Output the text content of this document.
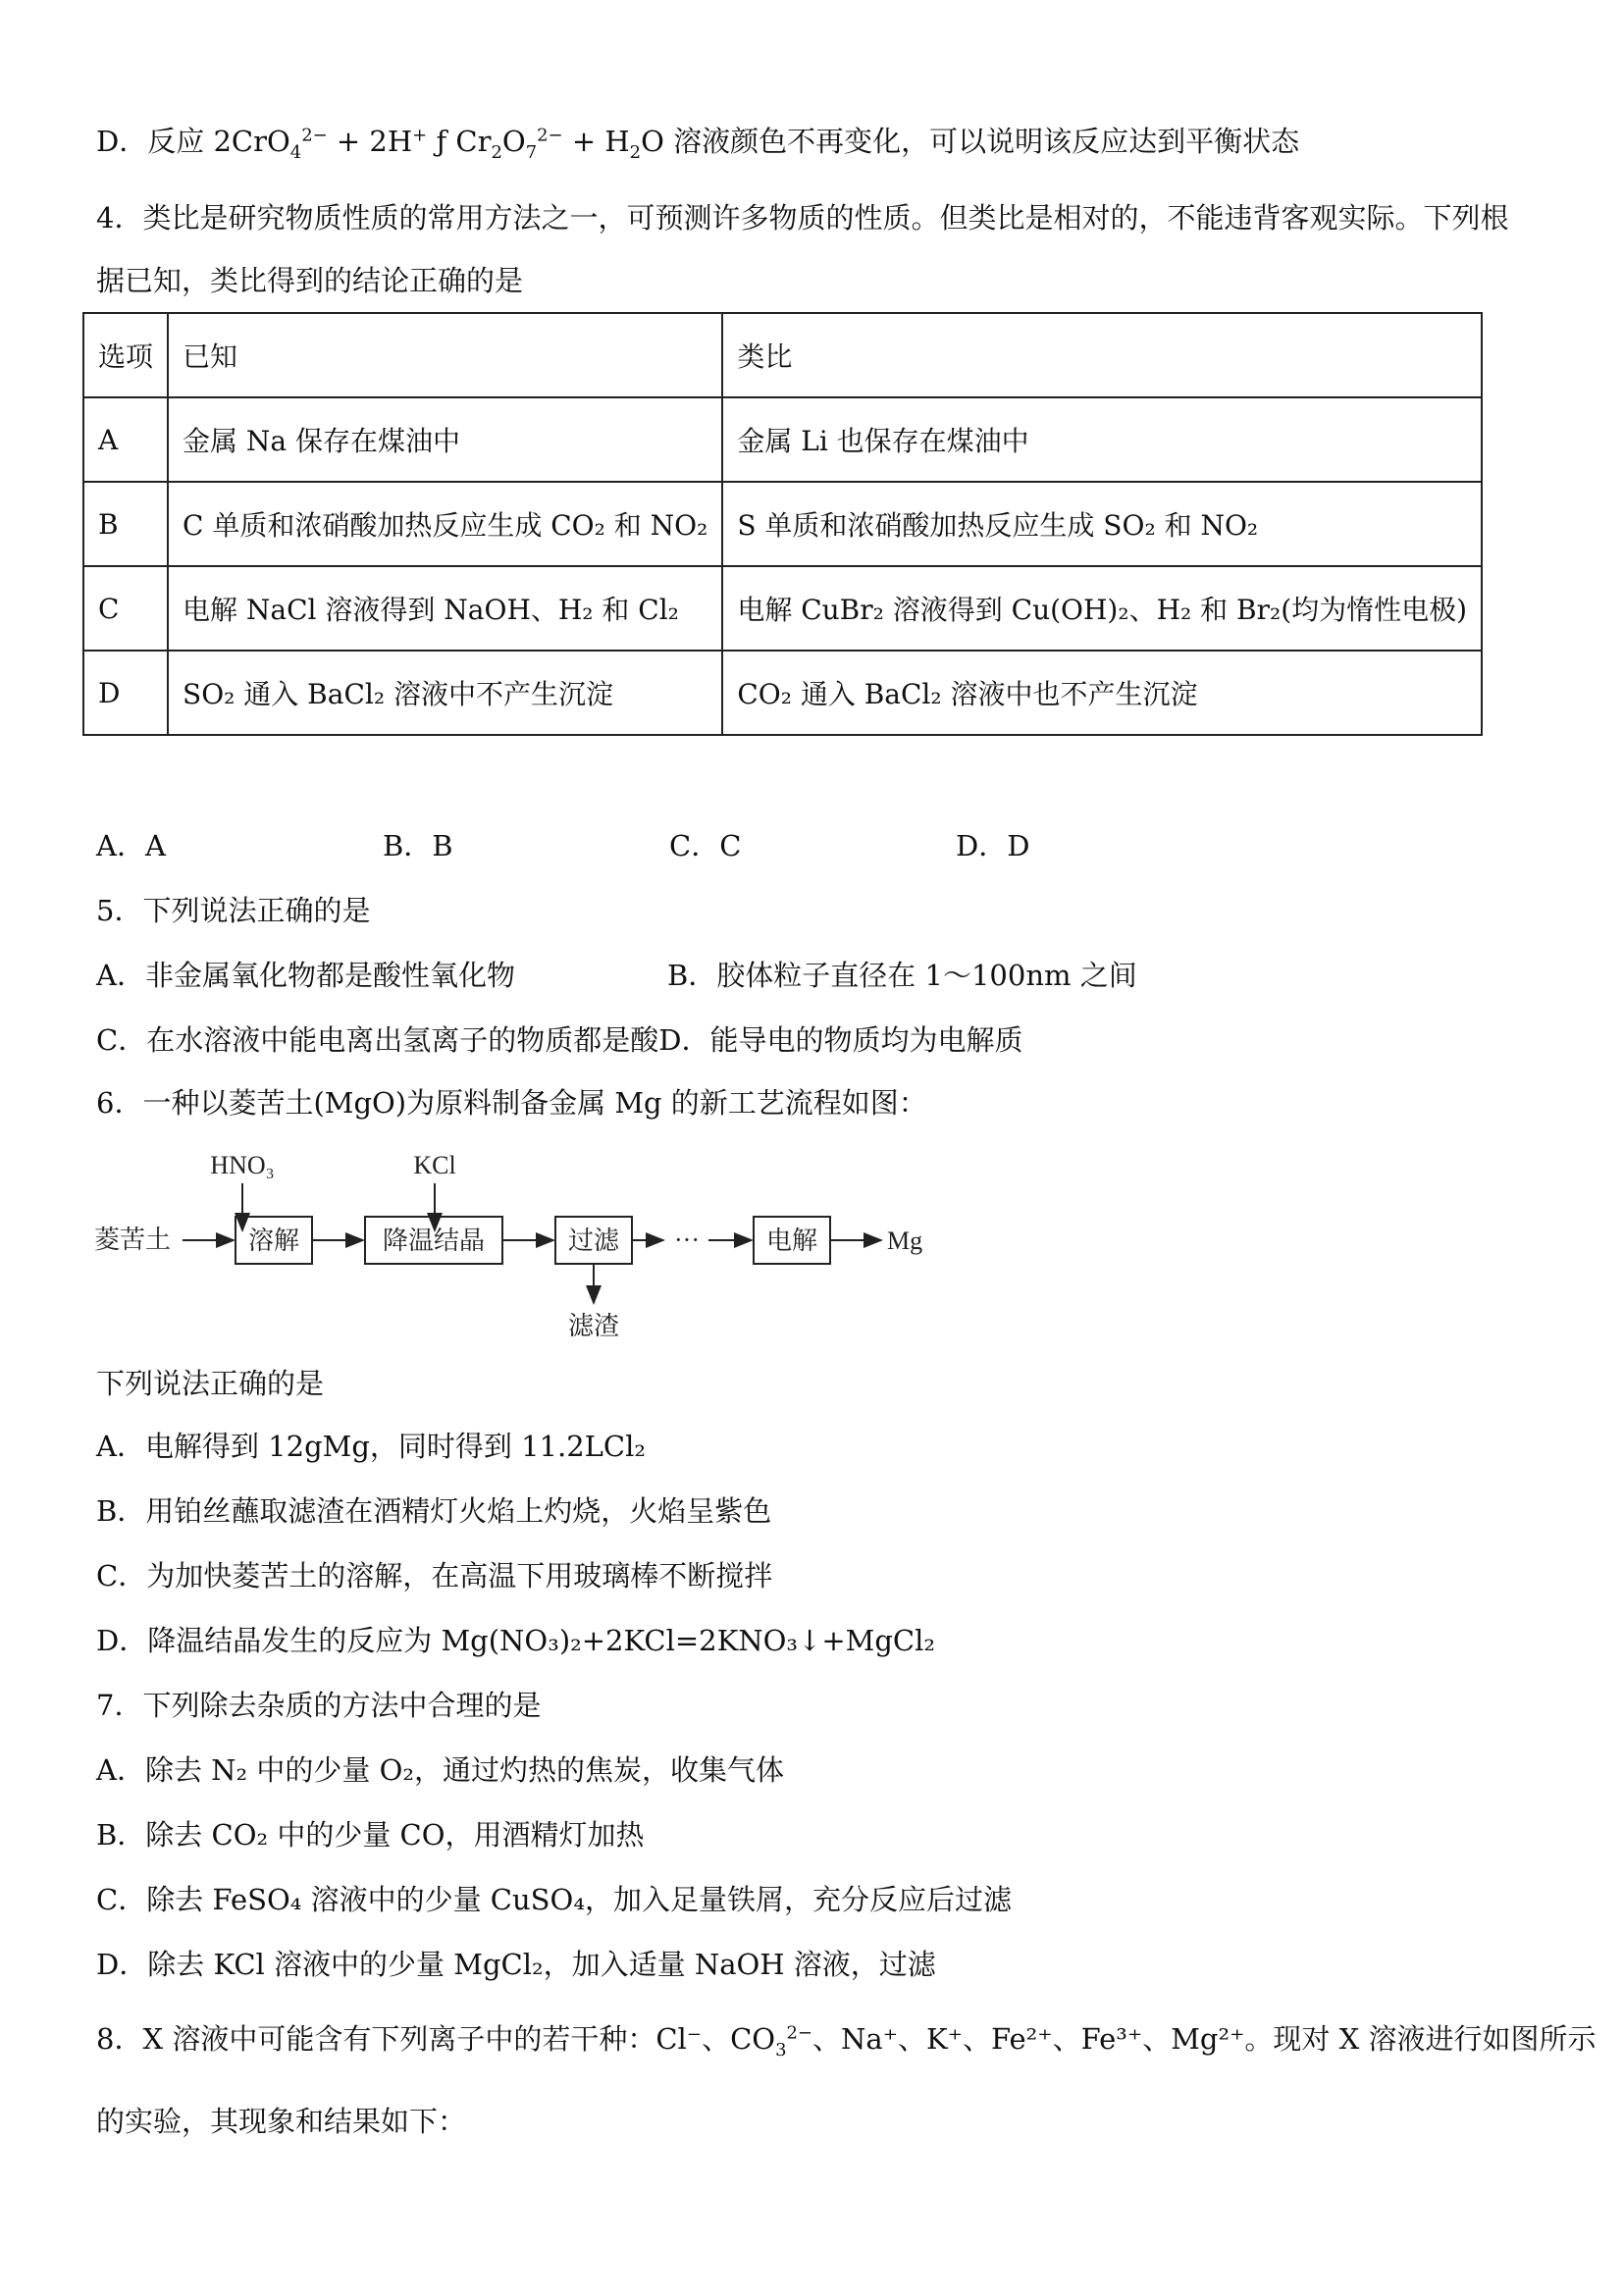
D．反应 2CrO$_4^{2-}$ + 2H+ ƒ $Cr_2O_7^{2-} + H_2O$ 溶液颜色不再变化，可以说明该反应达到平衡状态
4．类比是研究物质性质的常用方法之一，可预测许多物质的性质。但类比是相对的，不能违背客观实际。下列根
据已知，类比得到的结论正确的是
选项	已知	类比
A	金属 Na 保存在煤油中	金属 Li 也保存在煤油中
B	C 单质和浓硝酸加热反应生成 CO₂ 和 NO₂	S 单质和浓硝酸加热反应生成 SO₂ 和 NO₂
C	电解 NaCl 溶液得到 NaOH、H₂ 和 Cl₂	电解 CuBr₂ 溶液得到 Cu(OH)₂、H₂ 和 Br₂(均为惰性电极)
D	SO₂ 通入 BaCl₂ 溶液中不产生沉淀	CO₂ 通入 BaCl₂ 溶液中也不产生沉淀
A．A	B．B	C．C	D．D
5．下列说法正确的是
A．非金属氧化物都是酸性氧化物	B．胶体粒子直径在 1～100nm 之间
C．在水溶液中能电离出氢离子的物质都是酸D．能导电的物质均为电解质
6．一种以菱苦土(MgO)为原料制备金属 Mg 的新工艺流程如图：
HNO₃	KCl
菱苦土	溶解	降温结晶	过滤
滤渣
···	电解	Mg
下列说法正确的是
A．电解得到 12gMg，同时得到 11.2LCl₂
B．用铂丝蘸取滤渣在酒精灯火焰上灼烧，火焰呈紫色
C．为加快菱苦土的溶解，在高温下用玻璃棒不断搅拌
D．降温结晶发生的反应为 Mg(NO₃)₂+2KCl=2KNO₃↓+MgCl₂
7．下列除去杂质的方法中合理的是
A．除去 N₂ 中的少量 O₂，通过灼热的焦炭，收集气体
B．除去 CO₂ 中的少量 CO，用酒精灯加热
C．除去 FeSO₄ 溶液中的少量 CuSO₄，加入足量铁屑，充分反应后过滤
D．除去 KCl 溶液中的少量 MgCl₂，加入适量 NaOH 溶液，过滤
8．X 溶液中可能含有下列离子中的若干种：Cl⁻、$CO_3^{2-}$、Na⁺、K⁺、Fe²⁺、Fe³⁺、Mg²⁺。现对 X 溶液进行如图所示
的实验，其现象和结果如下：
